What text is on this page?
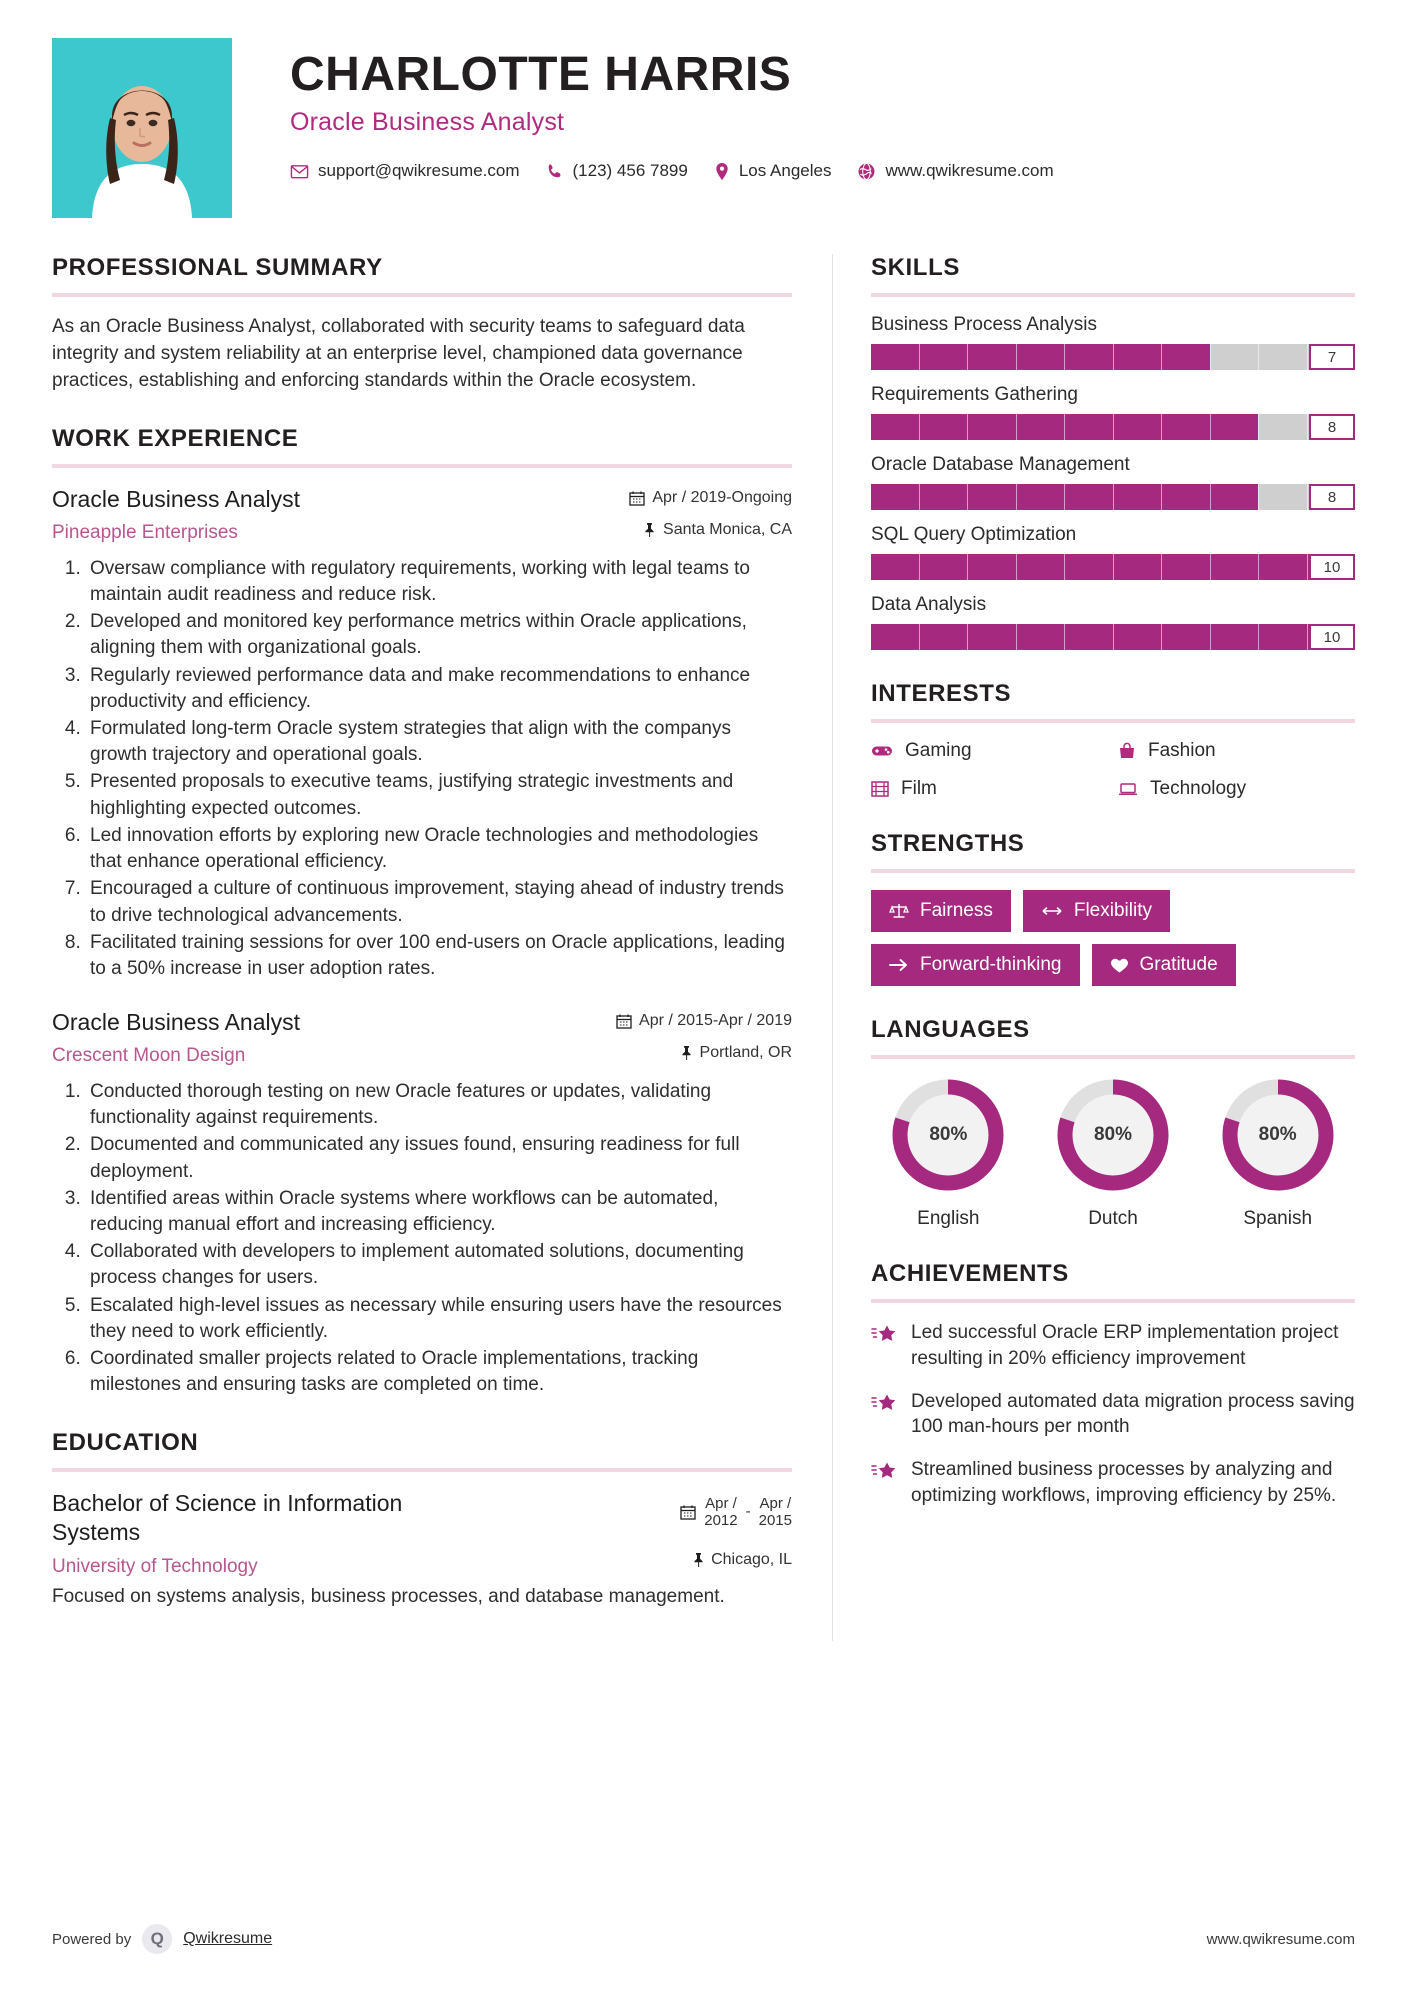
CHARLOTTE HARRIS
Oracle Business Analyst
support@qwikresume.com	(123) 456 7899	Los Angeles	www.qwikresume.com
PROFESSIONAL SUMMARY
As an Oracle Business Analyst, collaborated with security teams to safeguard data integrity and system reliability at an enterprise level, championed data governance practices, establishing and enforcing standards within the Oracle ecosystem.
WORK EXPERIENCE
Oracle Business Analyst
Pineapple Enterprises
Apr / 2019-Ongoing
Santa Monica, CA
1. Oversaw compliance with regulatory requirements, working with legal teams to maintain audit readiness and reduce risk.
2. Developed and monitored key performance metrics within Oracle applications, aligning them with organizational goals.
3. Regularly reviewed performance data and make recommendations to enhance productivity and efficiency.
4. Formulated long-term Oracle system strategies that align with the companys growth trajectory and operational goals.
5. Presented proposals to executive teams, justifying strategic investments and highlighting expected outcomes.
6. Led innovation efforts by exploring new Oracle technologies and methodologies that enhance operational efficiency.
7. Encouraged a culture of continuous improvement, staying ahead of industry trends to drive technological advancements.
8. Facilitated training sessions for over 100 end-users on Oracle applications, leading to a 50% increase in user adoption rates.
Oracle Business Analyst
Crescent Moon Design
Apr / 2015-Apr / 2019
Portland, OR
1. Conducted thorough testing on new Oracle features or updates, validating functionality against requirements.
2. Documented and communicated any issues found, ensuring readiness for full deployment.
3. Identified areas within Oracle systems where workflows can be automated, reducing manual effort and increasing efficiency.
4. Collaborated with developers to implement automated solutions, documenting process changes for users.
5. Escalated high-level issues as necessary while ensuring users have the resources they need to work efficiently.
6. Coordinated smaller projects related to Oracle implementations, tracking milestones and ensuring tasks are completed on time.
EDUCATION
Bachelor of Science in Information Systems
University of Technology
Apr /
2012 -
Apr /
2015
Chicago, IL
Focused on systems analysis, business processes, and database management.
SKILLS
Business Process Analysis
7
Requirements Gathering
8
Oracle Database Management
8
SQL Query Optimization
10
Data Analysis
10
INTERESTS
Gaming	Fashion
Film	Technology
STRENGTHS
Fairness	Flexibility
Forward-thinking	Gratitude
LANGUAGES
80%
English
80%
Dutch
80%
Spanish
ACHIEVEMENTS
Led successful Oracle ERP implementation project resulting in 20% efficiency improvement
Developed automated data migration process saving 100 man-hours per month
Streamlined business processes by analyzing and optimizing workflows, improving efficiency by 25%.
Powered by	Q	Qwikresume	www.qwikresume.com
